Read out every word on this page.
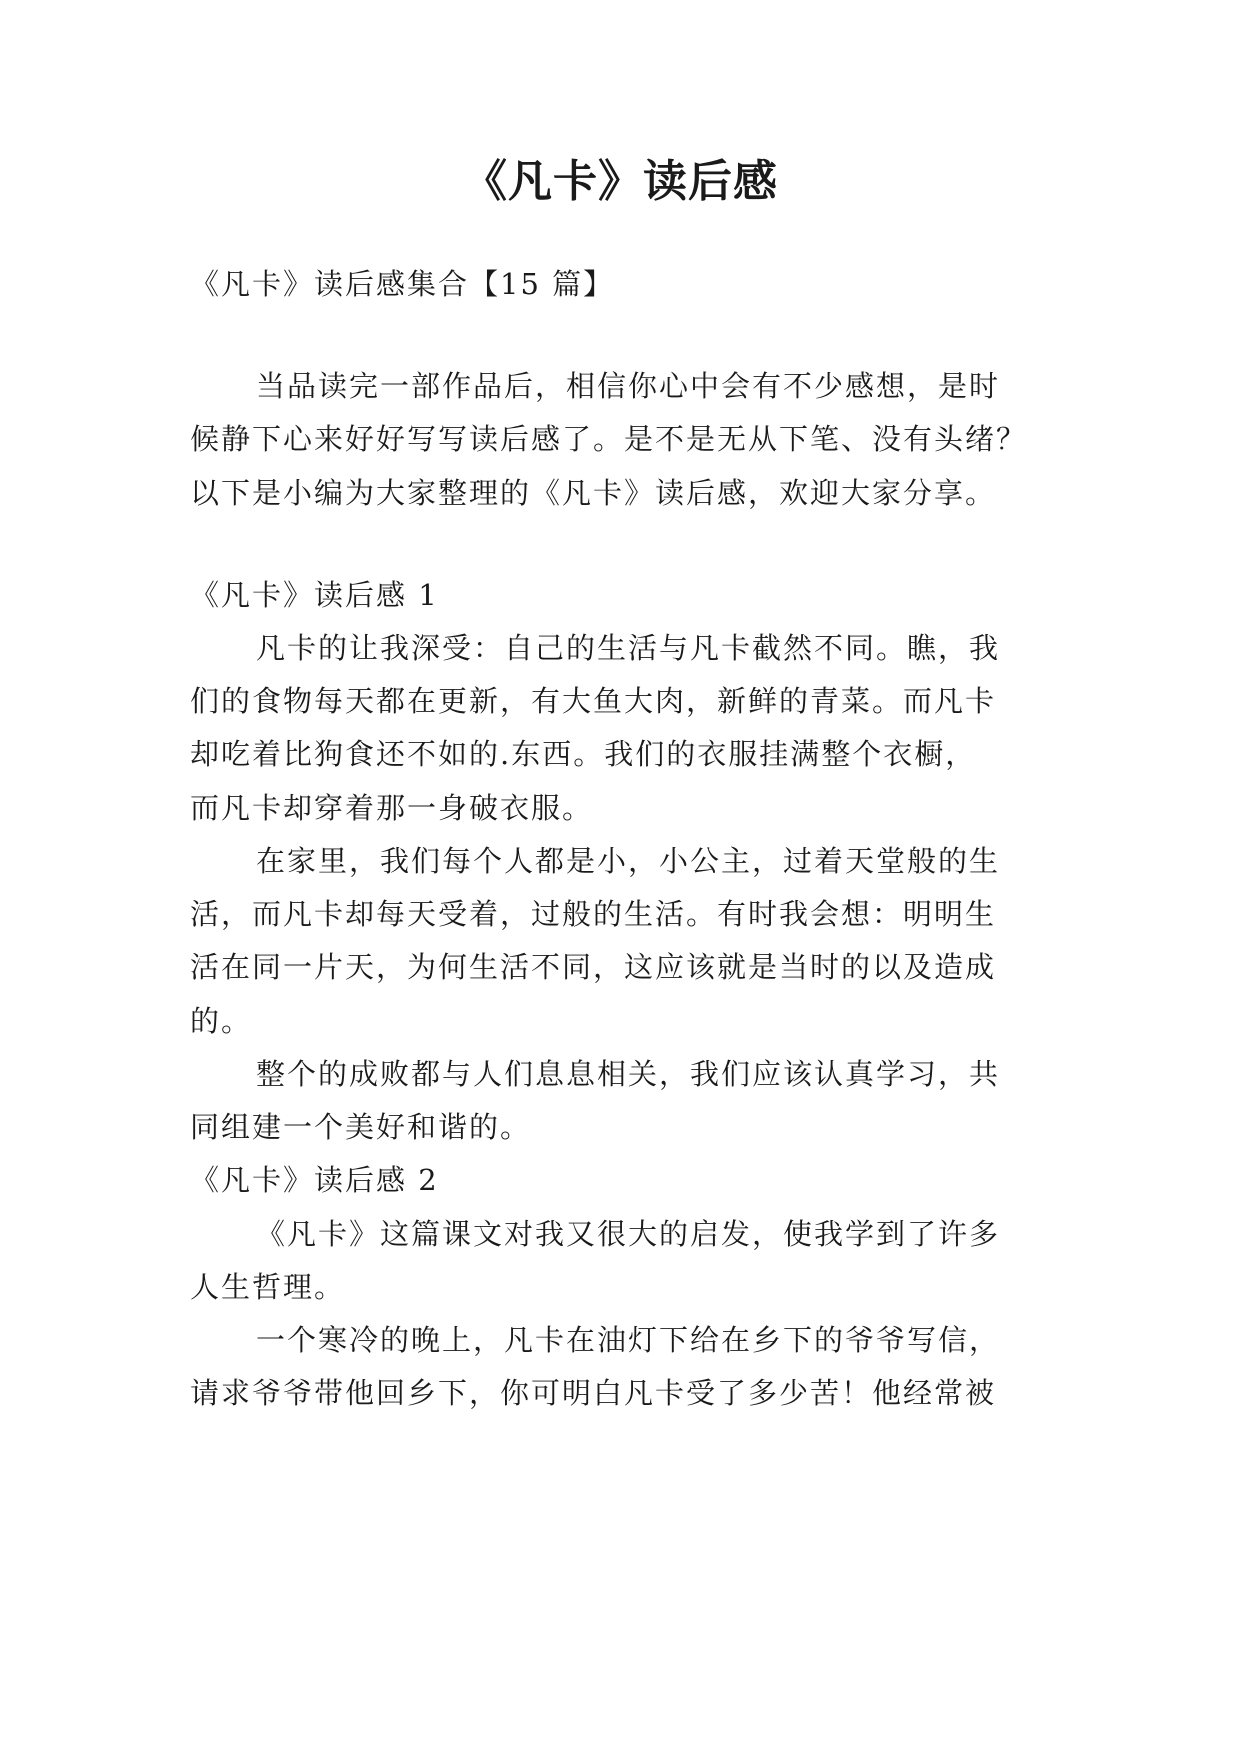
《凡卡》读后感
《凡卡》读后感集合【15 篇】
当品读完一部作品后，相信你心中会有不少感想，是时
候静下心来好好写写读后感了。是不是无从下笔、没有头绪？
以下是小编为大家整理的《凡卡》读后感，欢迎大家分享。
《凡卡》读后感 1
凡卡的让我深受：自己的生活与凡卡截然不同。瞧，我
们的食物每天都在更新，有大鱼大肉，新鲜的青菜。而凡卡
却吃着比狗食还不如的.东西。我们的衣服挂满整个衣橱，
而凡卡却穿着那一身破衣服。
在家里，我们每个人都是小，小公主，过着天堂般的生
活，而凡卡却每天受着，过般的生活。有时我会想：明明生
活在同一片天，为何生活不同，这应该就是当时的以及造成
的。
整个的成败都与人们息息相关，我们应该认真学习，共
同组建一个美好和谐的。
《凡卡》读后感 2
《凡卡》这篇课文对我又很大的启发，使我学到了许多
人生哲理。
一个寒冷的晚上，凡卡在油灯下给在乡下的爷爷写信，
请求爷爷带他回乡下，你可明白凡卡受了多少苦！他经常被
